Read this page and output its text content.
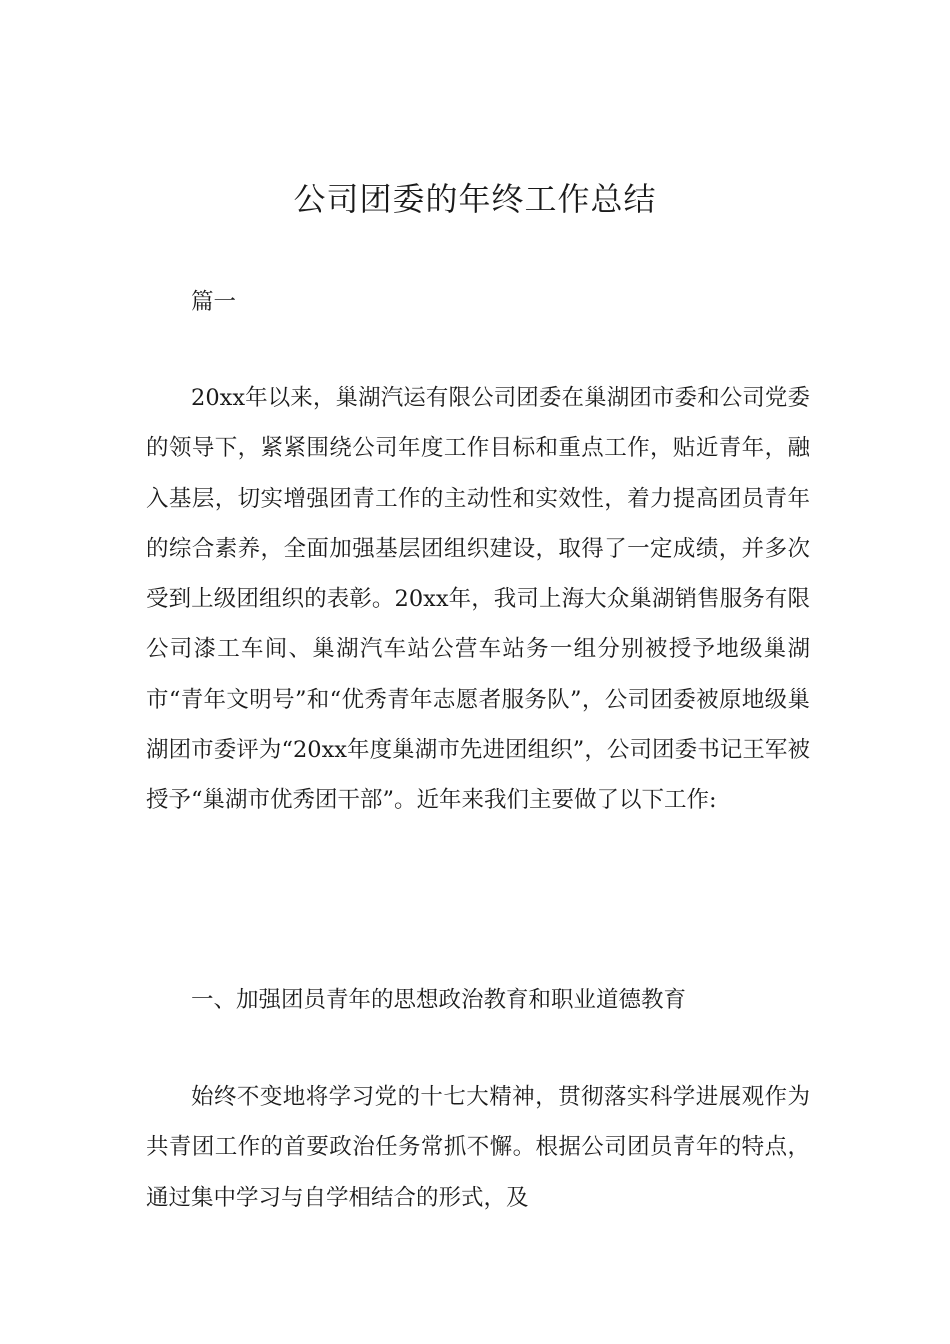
公司团委的年终工作总结

篇一

20xx年以来，巢湖汽运有限公司团委在巢湖团市委和公司党委的领导下，紧紧围绕公司年度工作目标和重点工作，贴近青年，融入基层，切实增强团青工作的主动性和实效性，着力提高团员青年的综合素养，全面加强基层团组织建设，取得了一定成绩，并多次受到上级团组织的表彰。20xx年，我司上海大众巢湖销售服务有限公司漆工车间、巢湖汽车站公营车站务一组分别被授予地级巢湖市“青年文明号”和“优秀青年志愿者服务队”，公司团委被原地级巢湖团市委评为“20xx年度巢湖市先进团组织”，公司团委书记王军被授予“巢湖市优秀团干部”。近年来我们主要做了以下工作:

一、加强团员青年的思想政治教育和职业道德教育

始终不变地将学习党的十七大精神，贯彻落实科学进展观作为共青团工作的首要政治任务常抓不懈。根据公司团员青年的特点，通过集中学习与自学相结合的形式，及
